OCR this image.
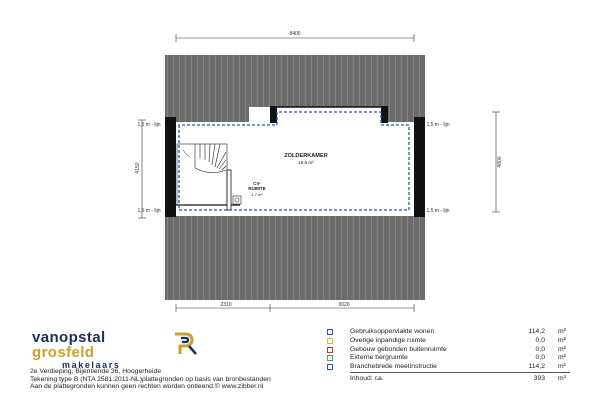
8400
4150
4800
1,5 m - lijn	1,5 m - lijn
1,5 m - lijn	1,5 m - lijn
ZOLDERKAMER
18,6 m²
CV-
RUIMTE
1,7 m²
2310	3020
vanopstal
grosfeld
makelaars
2e Verdieping, Bijentiende 36, Hoogerheide
Tekening type B (NTA 2581:2011-NL)plattegronden op basis van bronbestanden
Aan de plattegronden kunnen geen rechten worden ontleend.© www.zibber.nl
Gebruiksoppervlakte wonen	114,2 m²
Overige inpandige ruimte	0,0 m²
Gebouw gebonden buitenruimte	0,0 m²
Externe bergruimte	0,0 m²
Branchebrede meetinstructie	114,2 m²
Inhoud: ca.	393 m³
